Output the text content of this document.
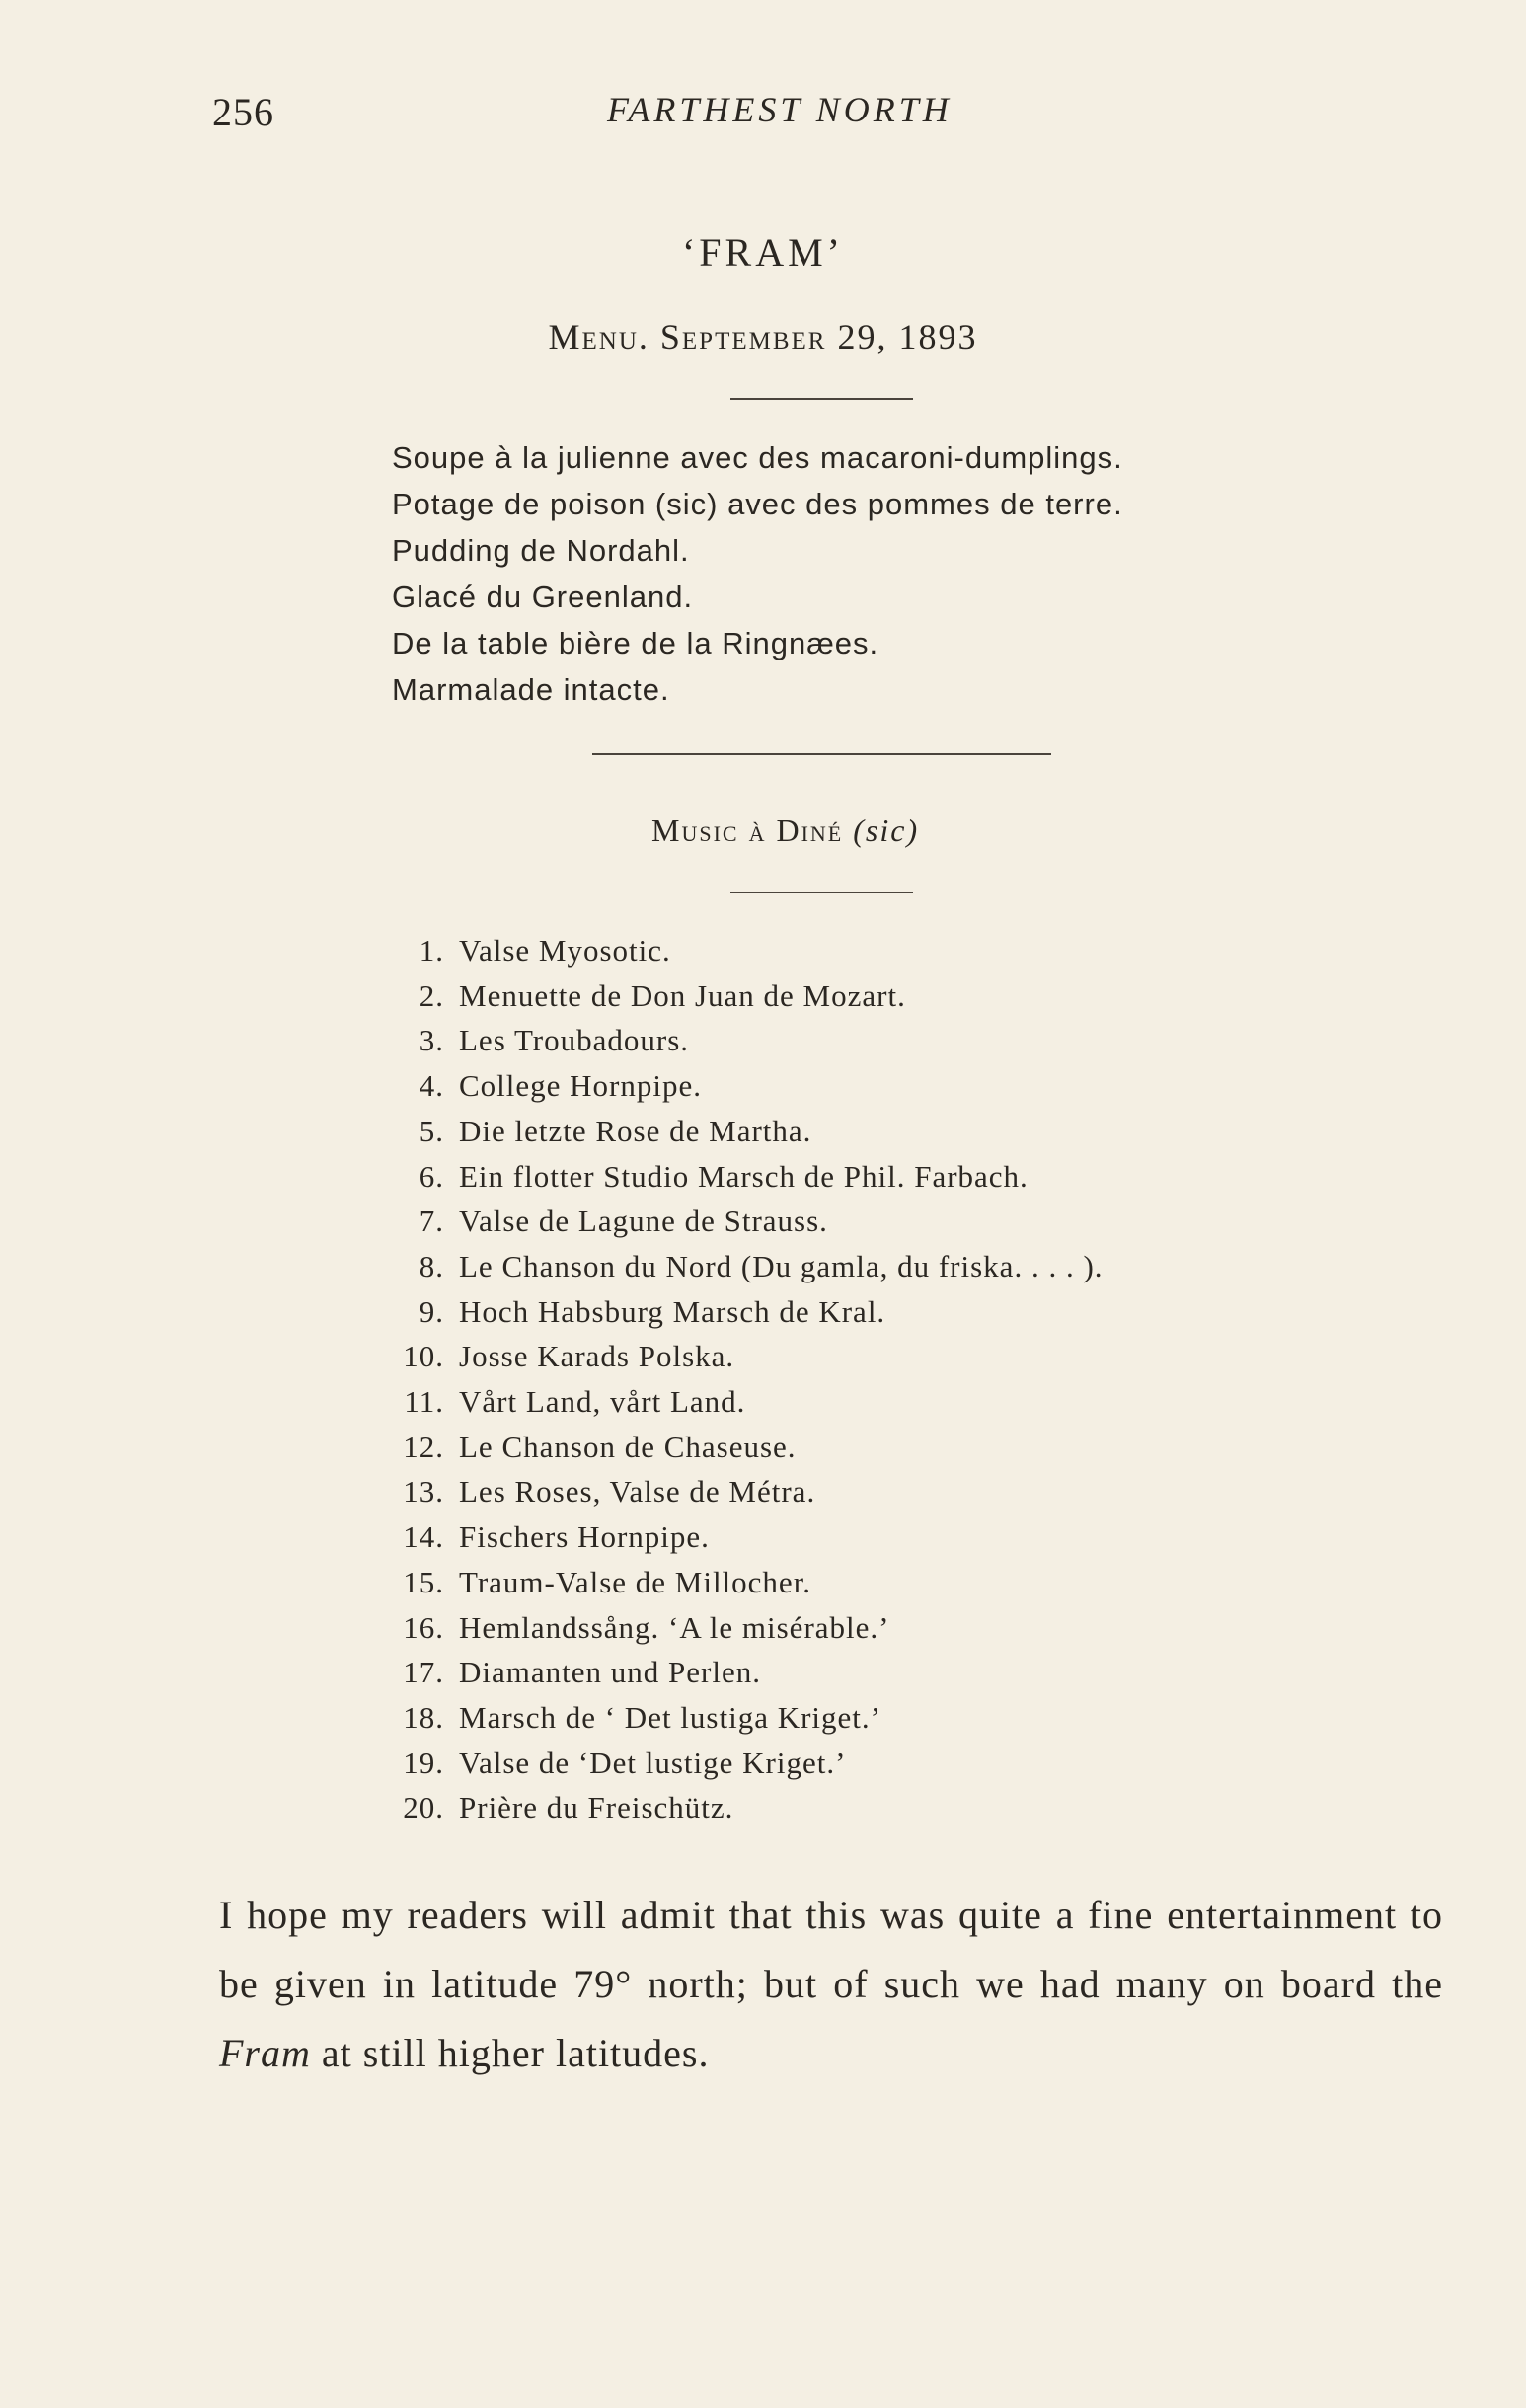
256	FARTHEST NORTH
‘FRAM’
Menu. September 29, 1893
Soupe à la julienne avec des macaroni-dumplings.
Potage de poison (sic) avec des pommes de terre.
Pudding de Nordahl.
Glacé du Greenland.
De la table bière de la Ringnæes.
Marmalade intacte.
Music à Diné (sic)
1. Valse Myosotic.
2. Menuette de Don Juan de Mozart.
3. Les Troubadours.
4. College Hornpipe.
5. Die letzte Rose de Martha.
6. Ein flotter Studio Marsch de Phil. Farbach.
7. Valse de Lagune de Strauss.
8. Le Chanson du Nord (Du gamla, du friska. . . . ).
9. Hoch Habsburg Marsch de Kral.
10. Josse Karads Polska.
11. Vårt Land, vårt Land.
12. Le Chanson de Chaseuse.
13. Les Roses, Valse de Métra.
14. Fischers Hornpipe.
15. Traum-Valse de Millocher.
16. Hemlandssång. ‘A le misérable.’
17. Diamanten und Perlen.
18. Marsch de ‘ Det lustiga Kriget.’
19. Valse de ‘Det lustige Kriget.’
20. Prière du Freischütz.

I hope my readers will admit that this was quite a fine entertainment to be given in latitude 79° north; but of such we had many on board the Fram at still higher latitudes.
